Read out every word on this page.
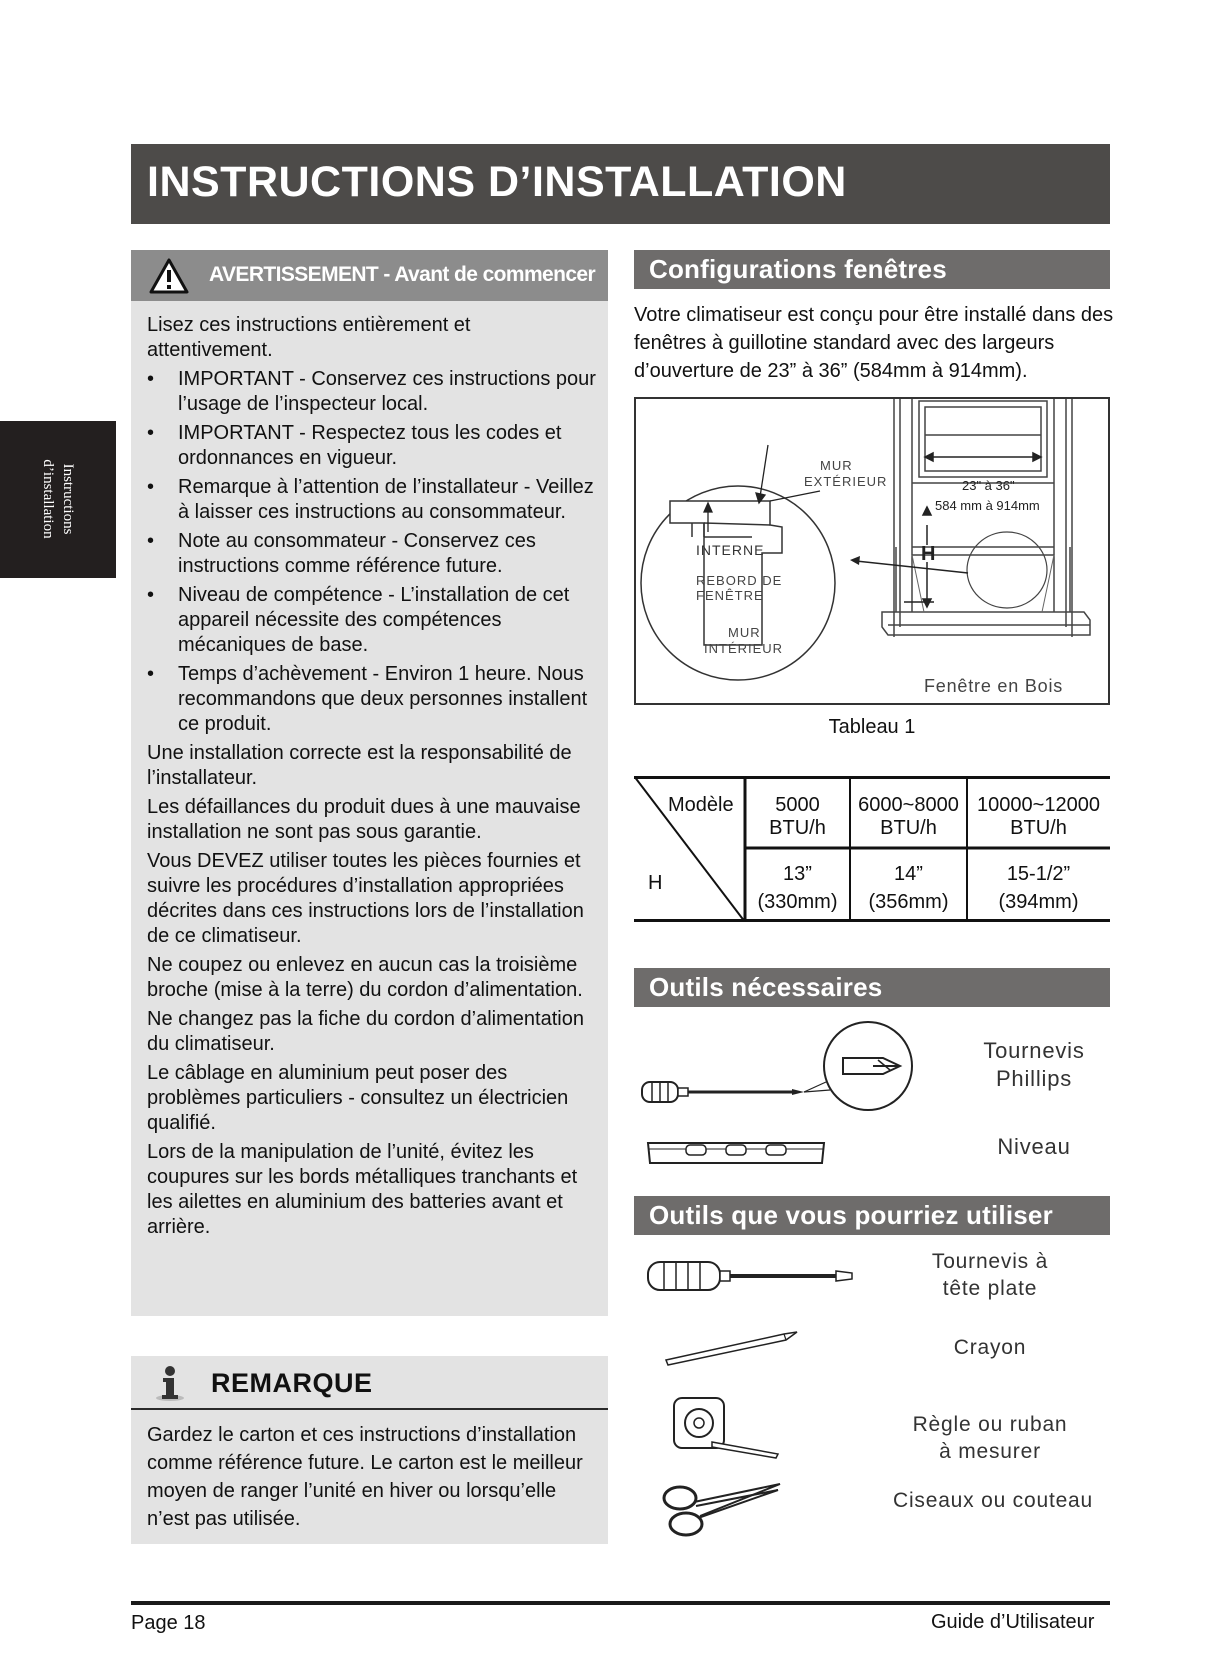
INSTRUCTIONS D’INSTALLATION
Instructions
d’installation
AVERTISSEMENT - Avant de commencer

Lisez ces instructions entièrement et attentivement.

• IMPORTANT - Conservez ces instructions pour l’usage de l’inspecteur local.
• IMPORTANT - Respectez tous les codes et ordonnances en vigueur.
• Remarque à l’attention de l’installateur - Veillez à laisser ces instructions au consommateur.
• Note au consommateur - Conservez ces instructions comme référence future.
• Niveau de compétence - L’installation de cet appareil nécessite des compétences mécaniques de base.
• Temps d’achèvement - Environ 1 heure. Nous recommandons que deux personnes installent ce produit.

Une installation correcte est la responsabilité de l’installateur.

Les défaillances du produit dues à une mauvaise installation ne sont pas sous garantie.

Vous DEVEZ utiliser toutes les pièces fournies et suivre les procédures d’installation appropriées décrites dans ces instructions lors de l’installation de ce climatiseur.

Ne coupez ou enlevez en aucun cas la troisième broche (mise à la terre) du cordon d’alimentation.

Ne changez pas la fiche du cordon d’alimentation du climatiseur.

Le câblage en aluminium peut poser des problèmes particuliers - consultez un électricien qualifié.

Lors de la manipulation de l’unité, évitez les coupures sur les bords métalliques tranchants et les ailettes en aluminium des batteries avant et arrière.

REMARQUE
Gardez le carton et ces instructions d’installation comme référence future. Le carton est le meilleur moyen de ranger l’unité en hiver ou lorsqu’elle n’est pas utilisée.
Configurations fenêtres
Votre climatiseur est conçu pour être installé dans des fenêtres à guillotine standard avec des largeurs d’ouverture de 23” à 36” (584mm à 914mm).
23" à 36"
584 mm à 914mm
H
MUR
EXTÉRIEUR
INTERNE
REBORD DE
FENÊTRE
MUR
INTÉRIEUR
Fenêtre en Bois
Tableau 1
Modèle
H
5000
BTU/h
6000~8000
BTU/h
10000~12000
BTU/h
13”
(330mm)
14”
(356mm)
15-1/2”
(394mm)
Outils nécessaires
Tournevis
Phillips
Niveau
Outils que vous pourriez utiliser
Tournevis à
tête plate
Crayon
Règle ou ruban
à mesurer
Ciseaux ou couteau
Page 18	Guide d’Utilisateur
